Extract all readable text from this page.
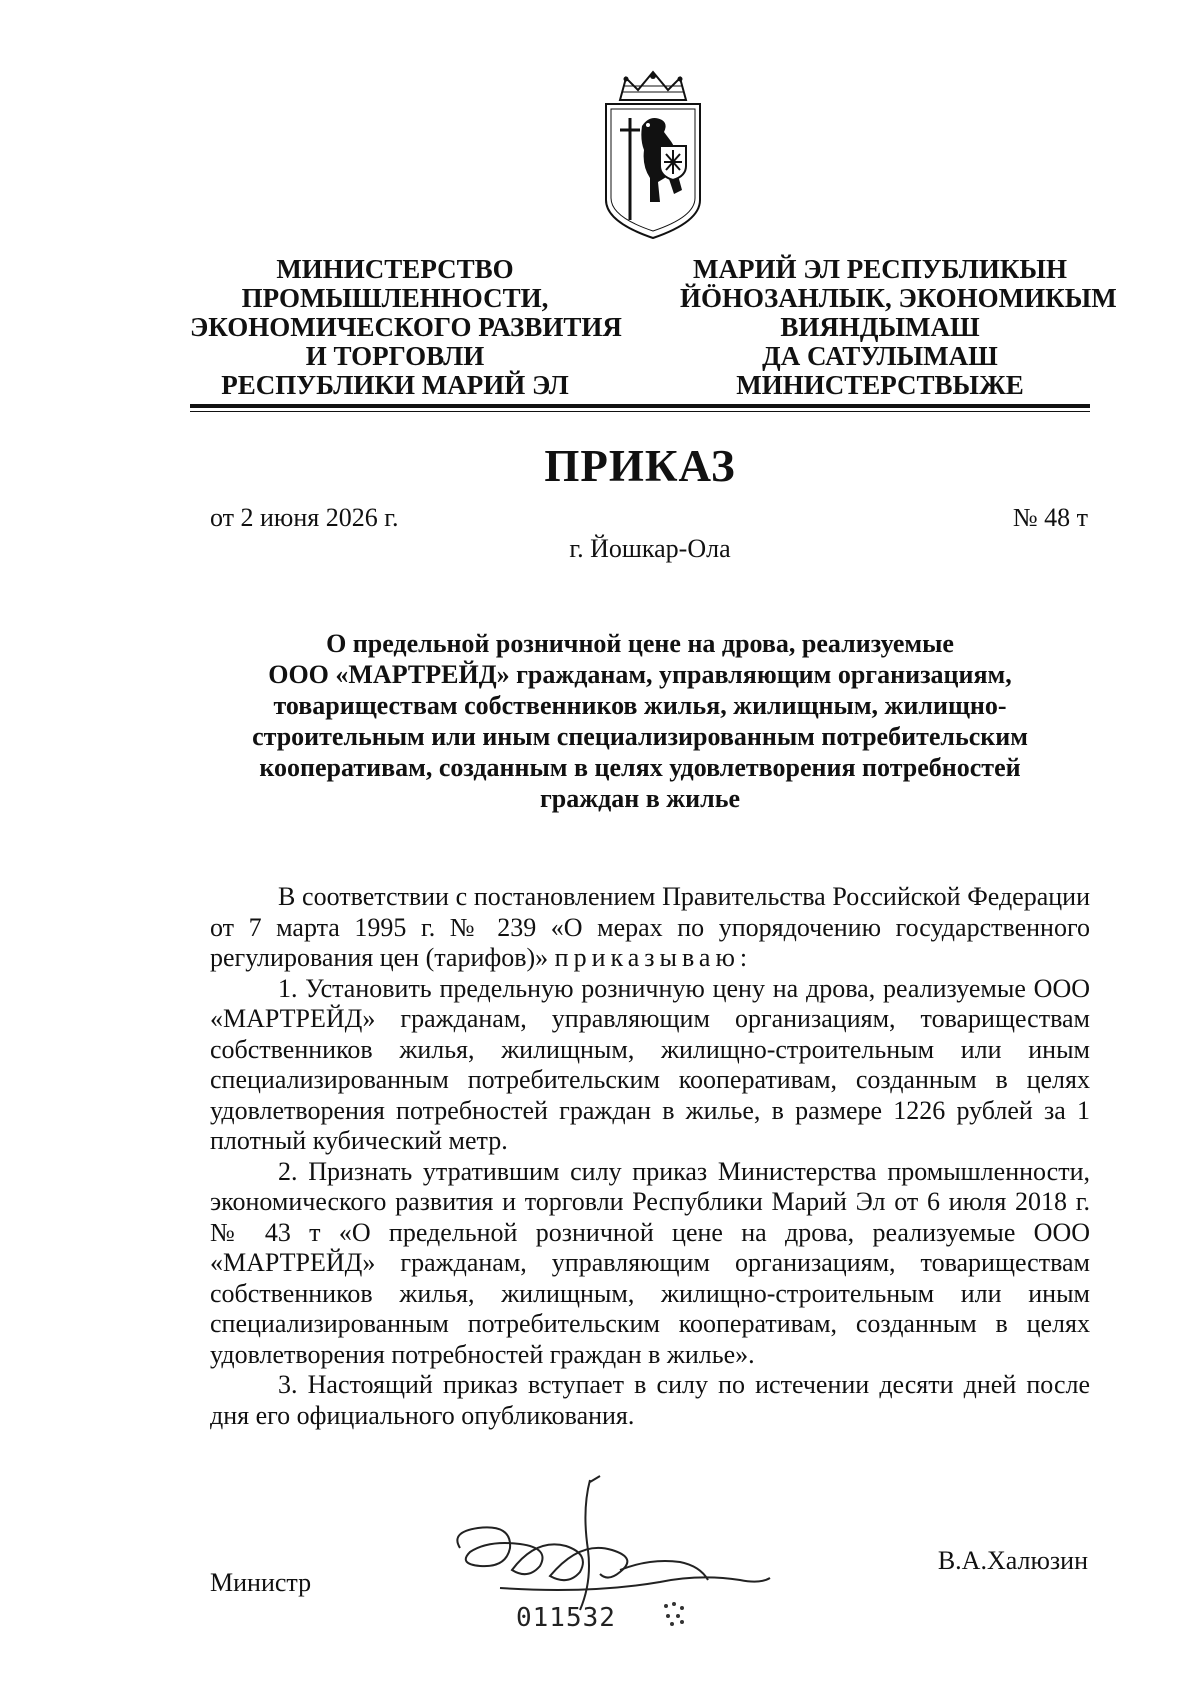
МИНИСТЕРСТВО
ПРОМЫШЛЕННОСТИ,
ЭКОНОМИЧЕСКОГО РАЗВИТИЯ
И ТОРГОВЛИ
РЕСПУБЛИКИ МАРИЙ ЭЛ
МАРИЙ ЭЛ РЕСПУБЛИКЫН
ЙӦНОЗАНЛЫК, ЭКОНОМИКЫМ
ВИЯНДЫМАШ
ДА САТУЛЫМАШ
МИНИСТЕРСТВЫЖЕ
ПРИКАЗ
от 2 июня 2026 г.	№ 48 т
г. Йошкар-Ола
О предельной розничной цене на дрова, реализуемые
ООО «МАРТРЕЙД» гражданам, управляющим организациям,
товариществам собственников жилья, жилищным, жилищно-
строительным или иным специализированным потребительским
кооперативам, созданным в целях удовлетворения потребностей
граждан в жилье

В соответствии с постановлением Правительства Российской Федерации от 7 марта 1995 г. № 239 «О мерах по упорядочению государственного регулирования цен (тарифов)» приказываю:

1. Установить предельную розничную цену на дрова, реализуемые ООО «МАРТРЕЙД» гражданам, управляющим организациям, товариществам собственников жилья, жилищным, жилищно-строительным или иным специализированным потребительским кооперативам, созданным в целях удовлетворения потребностей граждан в жилье, в размере 1226 рублей за 1 плотный кубический метр.

2. Признать утратившим силу приказ Министерства промышленности, экономического развития и торговли Республики Марий Эл от 6 июля 2018 г. № 43 т «О предельной розничной цене на дрова, реализуемые ООО «МАРТРЕЙД» гражданам, управляющим организациям, товариществам собственников жилья, жилищным, жилищно-строительным или иным специализированным потребительским кооперативам, созданным в целях удовлетворения потребностей граждан в жилье».

3. Настоящий приказ вступает в силу по истечении десяти дней после дня его официального опубликования.

Министр
В.А.Халюзин
011532
